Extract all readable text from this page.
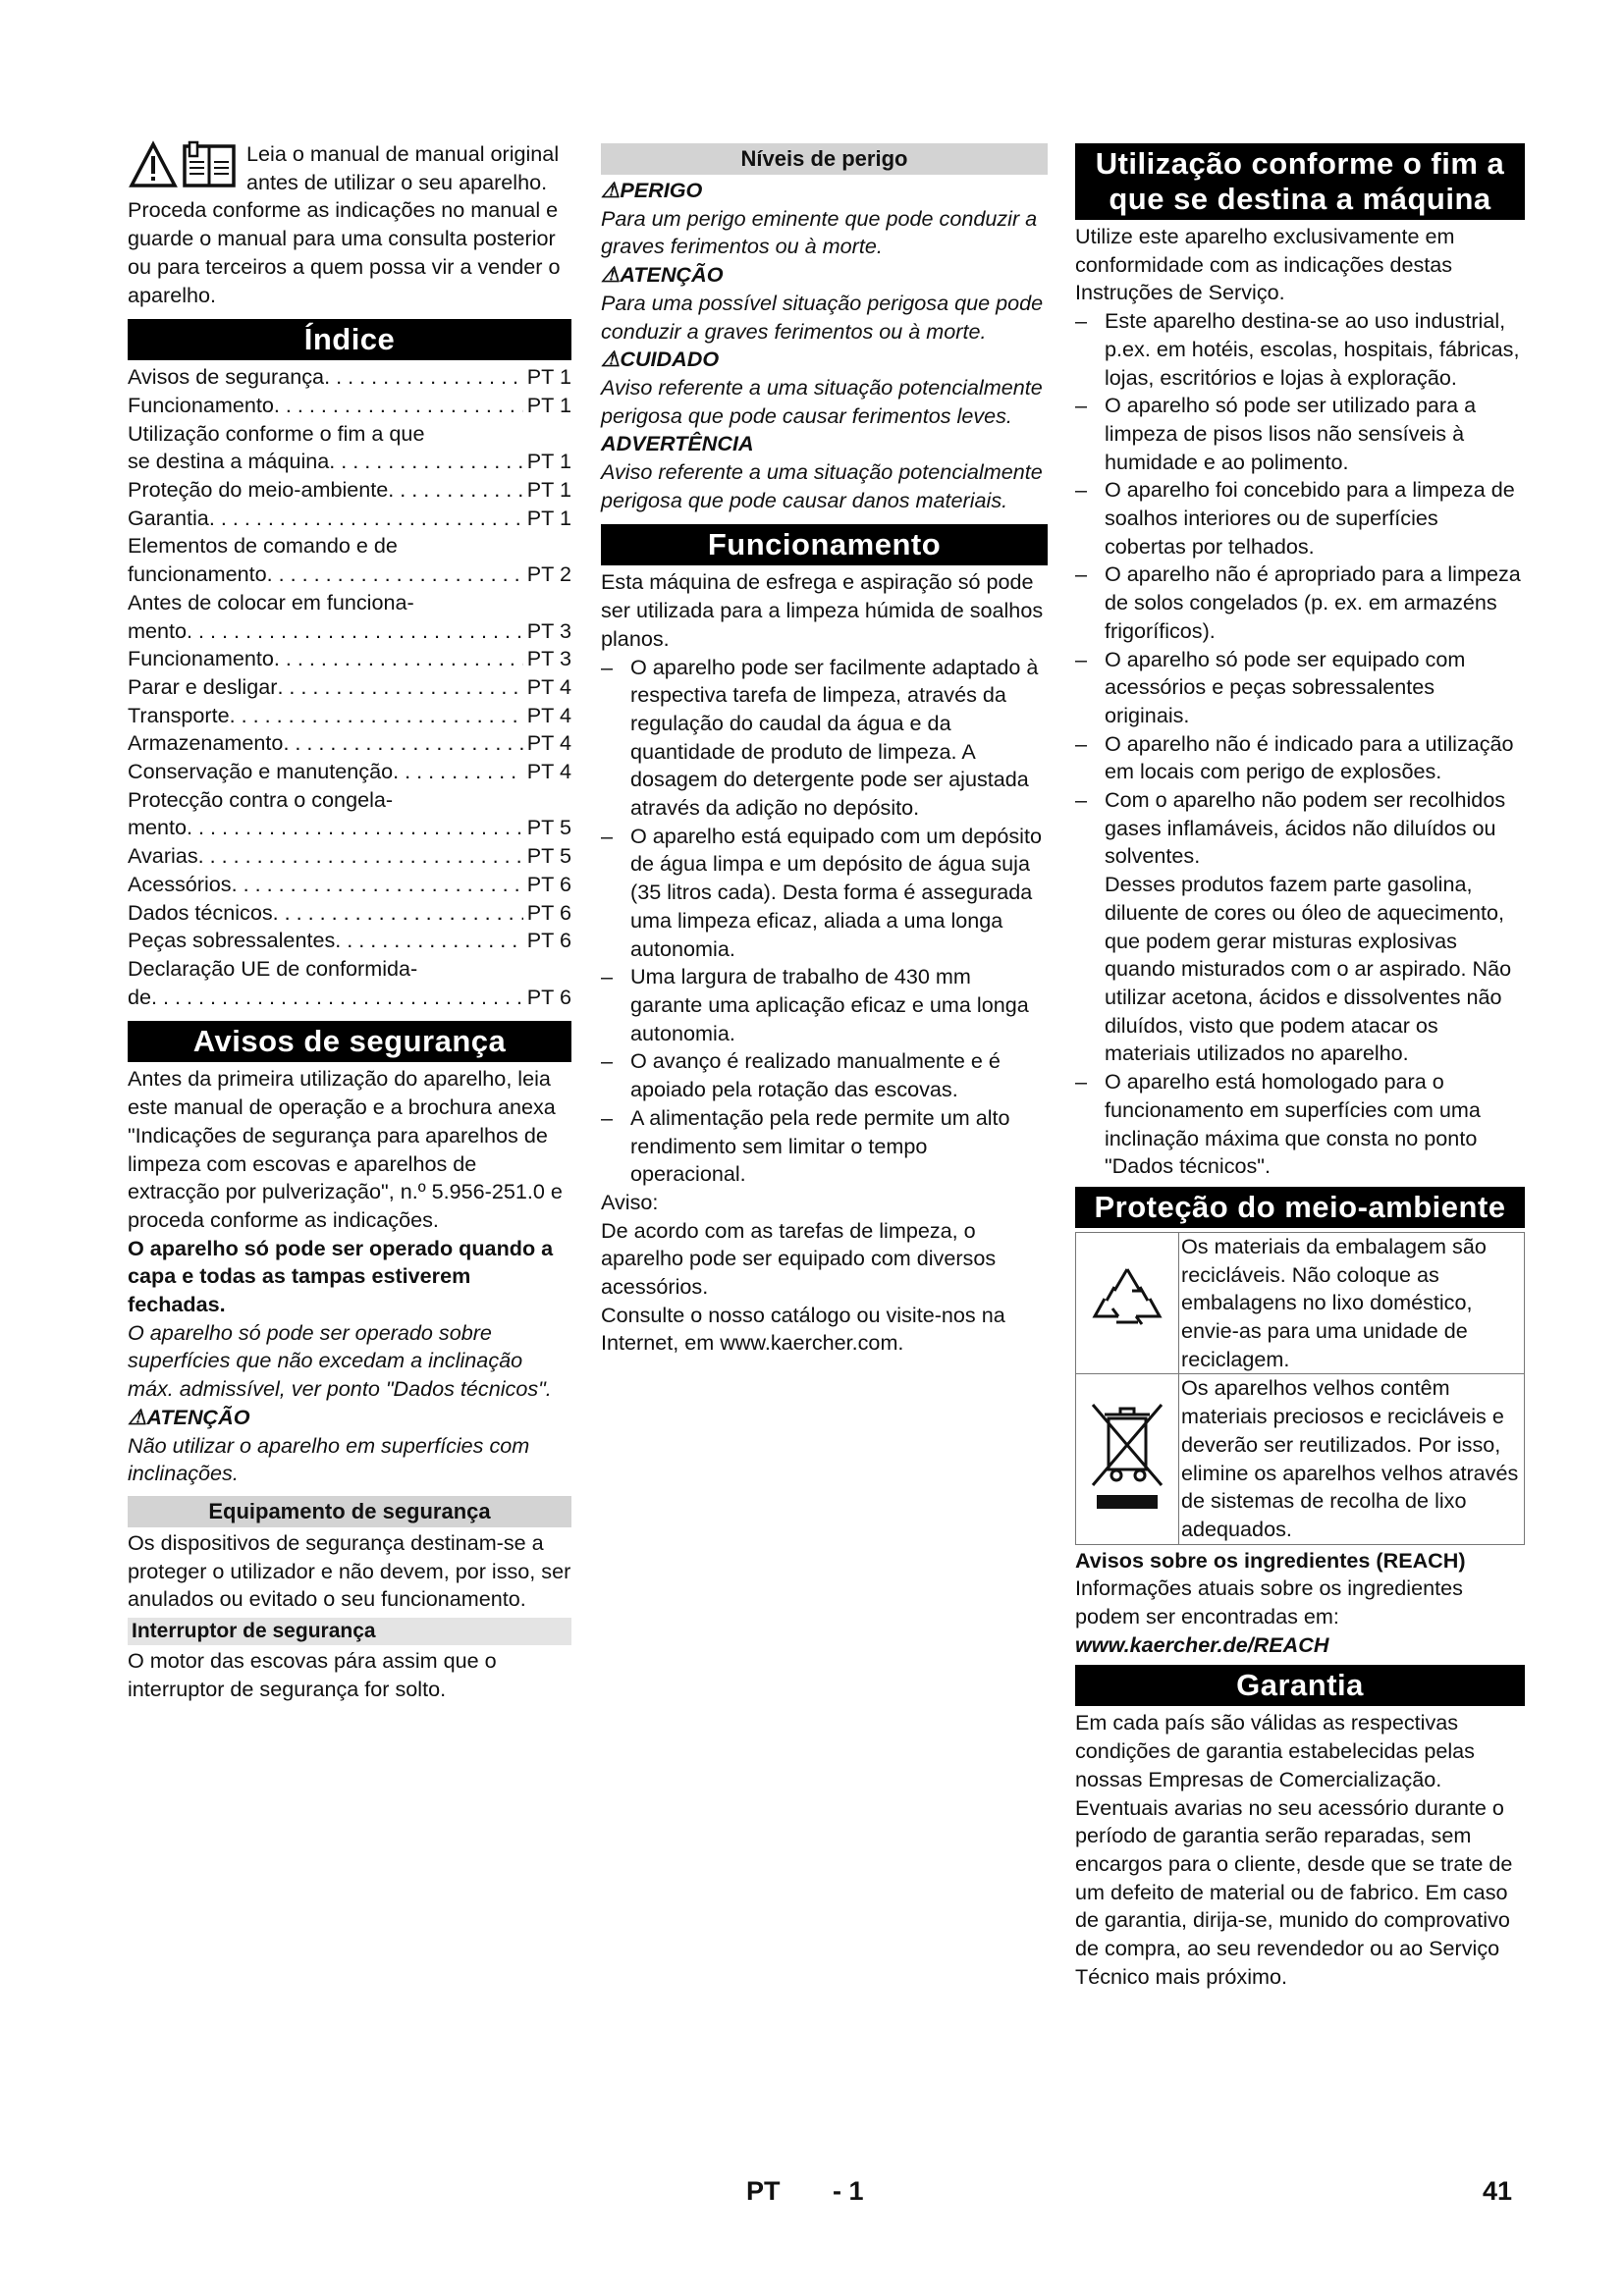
Leia o manual de manual original antes de utilizar o seu aparelho. Proceda conforme as indicações no manual e guarde o manual para uma consulta posterior ou para terceiros a quem possa vir a vender o aparelho.

Índice
Avisos de segurança . . .	PT 1
Funcionamento . . .	PT 1
Utilização conforme o fim a que
se destina a máquina . . .	PT 1
Proteção do meio-ambiente . . .	PT 1
Garantia . . .	PT 1
Elementos de comando e de
funcionamento . . .	PT 2
Antes de colocar em funciona-
mento . . .	PT 3
Funcionamento . . .	PT 3
Parar e desligar . . .	PT 4
Transporte . . .	PT 4
Armazenamento . . .	PT 4
Conservação e manutenção . . .	PT 4
Protecção contra o congela-
mento . . .	PT 5
Avarias . . .	PT 5
Acessórios . . .	PT 6
Dados técnicos . . .	PT 6
Peças sobressalentes . . .	PT 6
Declaração UE de conformida-
de . . .	PT 6
Avisos de segurança

Antes da primeira utilização do aparelho, leia este manual de operação e a brochura anexa "Indicações de segurança para aparelhos de limpeza com escovas e aparelhos de extracção por pulverização", n.º 5.956-251.0 e proceda conforme as indicações.

O aparelho só pode ser operado quando a capa e todas as tampas estiverem fechadas.

O aparelho só pode ser operado sobre superfícies que não excedam a inclinação máx. admissível, ver ponto "Dados técnicos".

⚠ATENÇÃO

Não utilizar o aparelho em superfícies com inclinações.

Equipamento de segurança

Os dispositivos de segurança destinam-se a proteger o utilizador e não devem, por isso, ser anulados ou evitado o seu funcionamento.

Interruptor de segurança

O motor das escovas pára assim que o interruptor de segurança for solto.

Níveis de perigo

⚠PERIGO

Para um perigo eminente que pode conduzir a graves ferimentos ou à morte.

⚠ATENÇÃO

Para uma possível situação perigosa que pode conduzir a graves ferimentos ou à morte.

⚠CUIDADO

Aviso referente a uma situação potencialmente perigosa que pode causar ferimentos leves.

ADVERTÊNCIA

Aviso referente a uma situação potencialmente perigosa que pode causar danos materiais.

Funcionamento

Esta máquina de esfrega e aspiração só pode ser utilizada para a limpeza húmida de soalhos planos.

– O aparelho pode ser facilmente adaptado à respectiva tarefa de limpeza, através da regulação do caudal da água e da quantidade de produto de limpeza. A dosagem do detergente pode ser ajustada através da adição no depósito.
– O aparelho está equipado com um depósito de água limpa e um depósito de água suja (35 litros cada). Desta forma é assegurada uma limpeza eficaz, aliada a uma longa autonomia.
– Uma largura de trabalho de 430 mm garante uma aplicação eficaz e uma longa autonomia.
– O avanço é realizado manualmente e é apoiado pela rotação das escovas.
– A alimentação pela rede permite um alto rendimento sem limitar o tempo operacional.

Aviso:

De acordo com as tarefas de limpeza, o aparelho pode ser equipado com diversos acessórios.

Consulte o nosso catálogo ou visite-nos na Internet, em www.kaercher.com.

Utilização conforme o fim a que se destina a máquina

Utilize este aparelho exclusivamente em conformidade com as indicações destas Instruções de Serviço.

– Este aparelho destina-se ao uso industrial, p.ex. em hotéis, escolas, hospitais, fábricas, lojas, escritórios e lojas à exploração.
– O aparelho só pode ser utilizado para a limpeza de pisos lisos não sensíveis à humidade e ao polimento.
– O aparelho foi concebido para a limpeza de soalhos interiores ou de superfícies cobertas por telhados.
– O aparelho não é apropriado para a limpeza de solos congelados (p. ex. em armazéns frigoríficos).
– O aparelho só pode ser equipado com acessórios e peças sobressalentes originais.
– O aparelho não é indicado para a utilização em locais com perigo de explosões.
– Com o aparelho não podem ser recolhidos gases inflamáveis, ácidos não diluídos ou solventes.
Desses produtos fazem parte gasolina, diluente de cores ou óleo de aquecimento, que podem gerar misturas explosivas quando misturados com o ar aspirado. Não utilizar acetona, ácidos e dissolventes não diluídos, visto que podem atacar os materiais utilizados no aparelho.
– O aparelho está homologado para o funcionamento em superfícies com uma inclinação máxima que consta no ponto "Dados técnicos".
Proteção do meio-ambiente
	Os materiais da embalagem são recicláveis. Não coloque as embalagens no lixo doméstico, envie-as para uma unidade de reciclagem.
	Os aparelhos velhos contêm materiais preciosos e recicláveis e deverão ser reutilizados. Por isso, elimine os aparelhos velhos através de sistemas de recolha de lixo adequados.

Avisos sobre os ingredientes (REACH)

Informações atuais sobre os ingredientes podem ser encontradas em:

www.kaercher.de/REACH

Garantia

Em cada país são válidas as respectivas condições de garantia estabelecidas pelas nossas Empresas de Comercialização. Eventuais avarias no seu acessório durante o período de garantia serão reparadas, sem encargos para o cliente, desde que se trate de um defeito de material ou de fabrico. Em caso de garantia, dirija-se, munido do comprovativo de compra, ao seu revendedor ou ao Serviço Técnico mais próximo.

PT - 1	41
